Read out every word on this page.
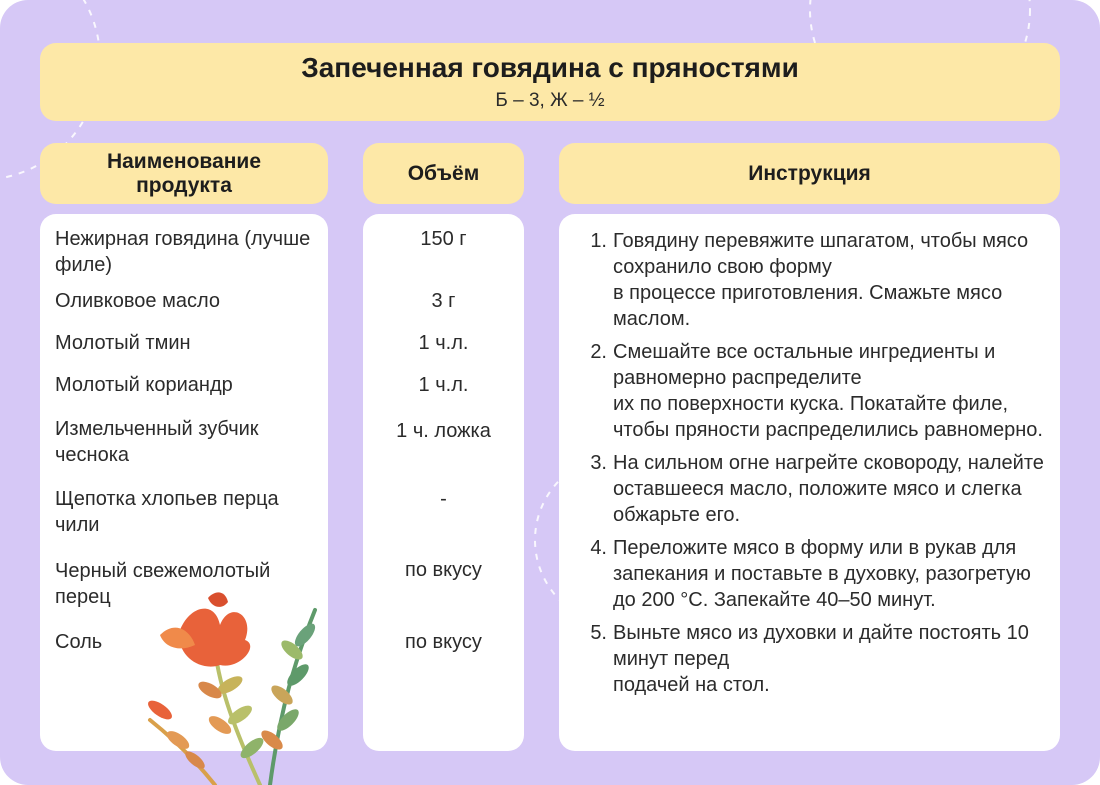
Запеченная говядина с пряностями
Б – 3, Ж – ½
Наименование продукта
Объём	Инструкция
Нежирная говядина (лучше филе)
Оливковое масло
Молотый тмин
Молотый кориандр
Измельченный зубчик чеснока
Щепотка хлопьев перца чили
Черный свежемолотый перец
Соль
150 г
3 г
1 ч.л.
1 ч.л.
1 ч. ложка
-
по вкусу
по вкусу
1. Говядину перевяжите шпагатом, чтобы мясо сохранило свою форму
в процессе приготовления. Смажьте мясо маслом.
2. Смешайте все остальные ингредиенты и равномерно распределите
их по поверхности куска. Покатайте филе, чтобы пряности распределились равномерно.
3. На сильном огне нагрейте сковороду, налейте оставшееся масло, положите мясо и слегка обжарьте его.
4. Переложите мясо в форму или в рукав для запекания и поставьте в духовку, разогретую до 200 °С. Запекайте 40–50 минут.
5. Выньте мясо из духовки и дайте постоять 10 минут перед
подачей на стол.
